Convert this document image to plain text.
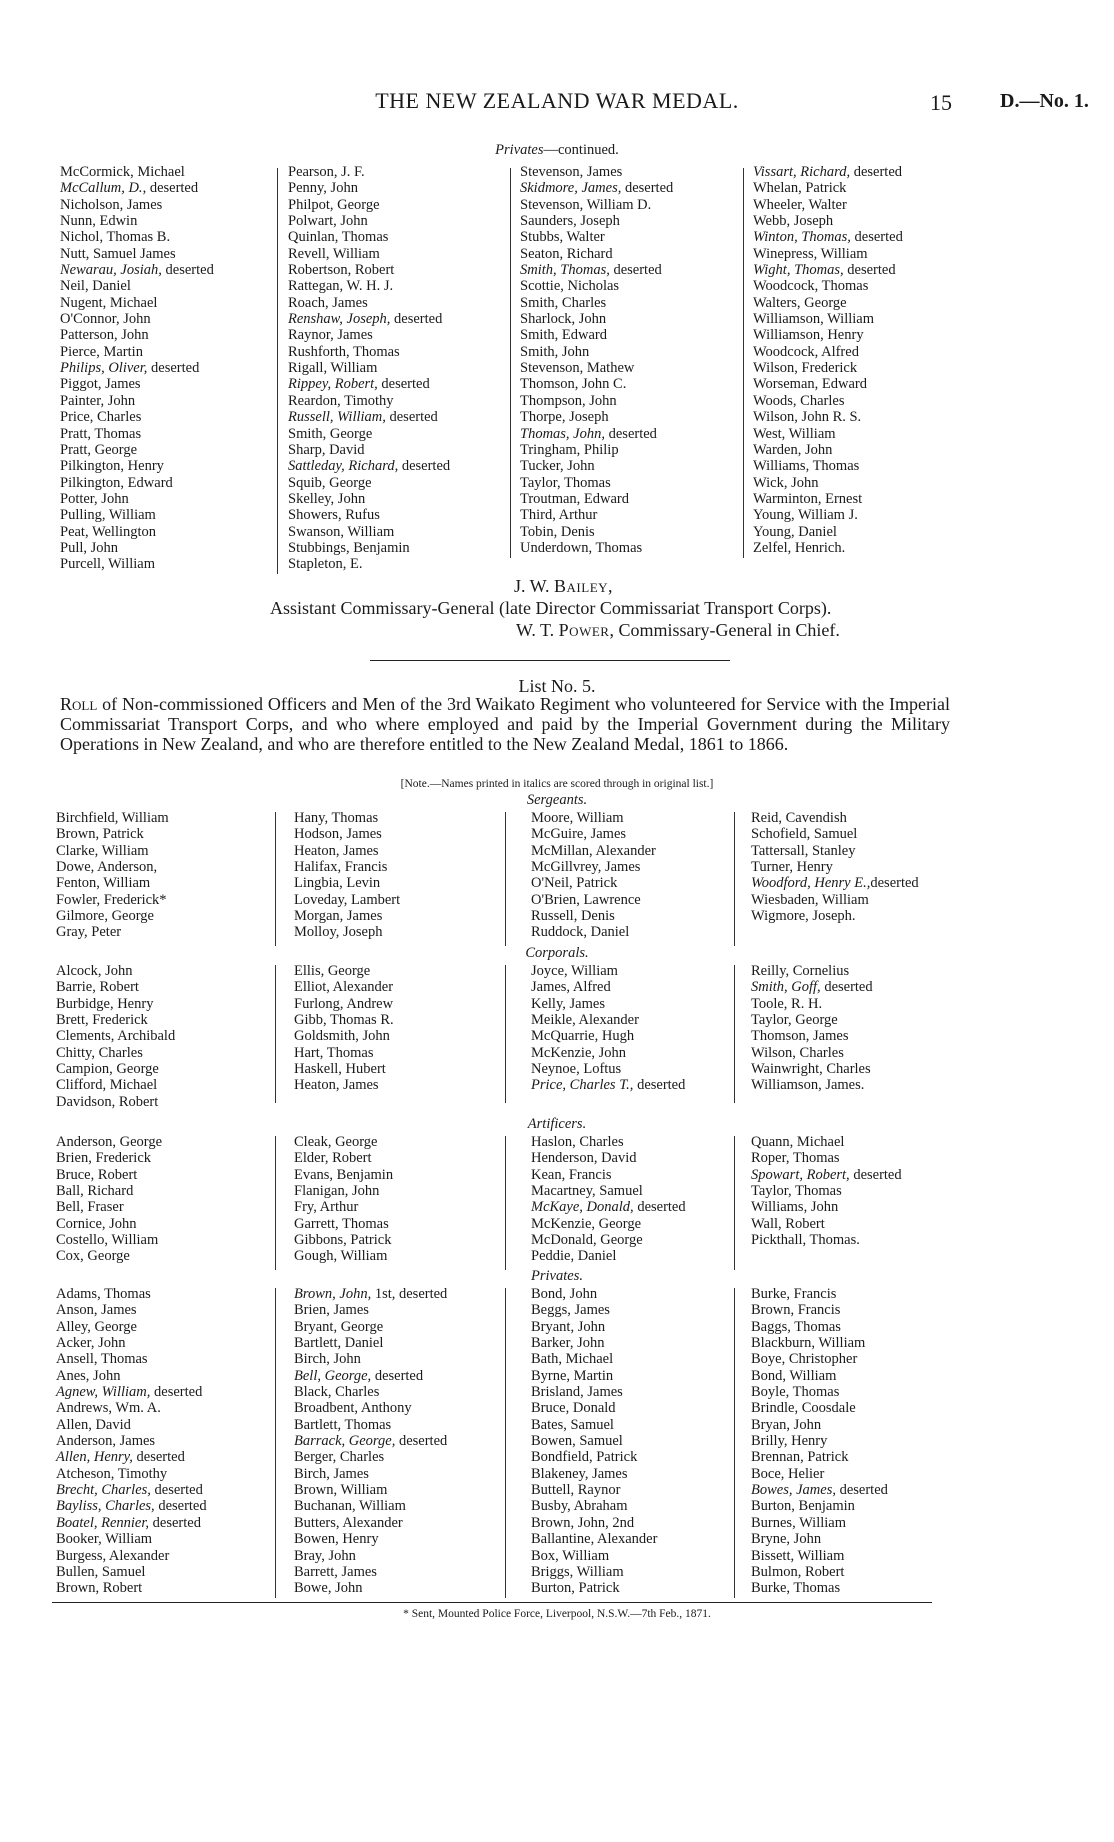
THE NEW ZEALAND WAR MEDAL.	15 D.—No. 1.
Privates—continued.
McCormick, Michael
McCallum, D., deserted
Nicholson, James
Nunn, Edwin
Nichol, Thomas B.
Nutt, Samuel James
Newarau, Josiah, deserted
Neil, Daniel
Nugent, Michael
O'Connor, John
Patterson, John
Pierce, Martin
Philips, Oliver, deserted
Piggot, James
Painter, John
Price, Charles
Pratt, Thomas
Pratt, George
Pilkington, Henry
Pilkington, Edward
Potter, John
Pulling, William
Peat, Wellington
Pull, John
Purcell, William
Pearson, J. F.
Penny, John
Philpot, George
Polwart, John
Quinlan, Thomas
Revell, William
Robertson, Robert
Rattegan, W. H. J.
Roach, James
Renshaw, Joseph, deserted
Raynor, James
Rushforth, Thomas
Rigall, William
Rippey, Robert, deserted
Reardon, Timothy
Russell, William, deserted
Smith, George
Sharp, David
Sattleday, Richard, deserted
Squib, George
Skelley, John
Showers, Rufus
Swanson, William
Stubbings, Benjamin
Stapleton, E.
Stevenson, James
Skidmore, James, deserted
Stevenson, William D.
Saunders, Joseph
Stubbs, Walter
Seaton, Richard
Smith, Thomas, deserted
Scottie, Nicholas
Smith, Charles
Sharlock, John
Smith, Edward
Smith, John
Stevenson, Mathew
Thomson, John C.
Thompson, John
Thorpe, Joseph
Thomas, John, deserted
Tringham, Philip
Tucker, John
Taylor, Thomas
Troutman, Edward
Third, Arthur
Tobin, Denis
Underdown, Thomas
Vissart, Richard, deserted
Whelan, Patrick
Wheeler, Walter
Webb, Joseph
Winton, Thomas, deserted
Winepress, William
Wight, Thomas, deserted
Woodcock, Thomas
Walters, George
Williamson, William
Williamson, Henry
Woodcock, Alfred
Wilson, Frederick
Worseman, Edward
Woods, Charles
Wilson, John R. S.
West, William
Warden, John
Williams, Thomas
Wick, John
Warminton, Ernest
Young, William J.
Young, Daniel
Zelfel, Henrich.
J. W. Bailey,
Assistant Commissary-General (late Director Commissariat Transport Corps).
W. T. Power, Commissary-General in Chief.
List No. 5.
Roll of Non-commissioned Officers and Men of the 3rd Waikato Regiment who volunteered for Service with the Imperial Commissariat Transport Corps, and who where employed and paid by the Imperial Government during the Military Operations in New Zealand, and who are therefore entitled to the New Zealand Medal, 1861 to 1866.
[Note.—Names printed in italics are scored through in original list.]
Sergeants.
Birchfield, William
Brown, Patrick
Clarke, William
Dowe, Anderson,
Fenton, William
Fowler, Frederick*
Gilmore, George
Gray, Peter
Hany, Thomas
Hodson, James
Heaton, James
Halifax, Francis
Lingbia, Levin
Loveday, Lambert
Morgan, James
Molloy, Joseph
Moore, William
McGuire, James
McMillan, Alexander
McGillvrey, James
O'Neil, Patrick
O'Brien, Lawrence
Russell, Denis
Ruddock, Daniel
Reid, Cavendish
Schofield, Samuel
Tattersall, Stanley
Turner, Henry
Woodford, Henry E.,deserted
Wiesbaden, William
Wigmore, Joseph.
Corporals.
Alcock, John
Barrie, Robert
Burbidge, Henry
Brett, Frederick
Clements, Archibald
Chitty, Charles
Campion, George
Clifford, Michael
Davidson, Robert
Ellis, George
Elliot, Alexander
Furlong, Andrew
Gibb, Thomas R.
Goldsmith, John
Hart, Thomas
Haskell, Hubert
Heaton, James
Joyce, William
James, Alfred
Kelly, James
Meikle, Alexander
McQuarrie, Hugh
McKenzie, John
Neynoe, Loftus
Price, Charles T., deserted
Reilly, Cornelius
Smith, Goff, deserted
Toole, R. H.
Taylor, George
Thomson, James
Wilson, Charles
Wainwright, Charles
Williamson, James.
Artificers.
Anderson, George
Brien, Frederick
Bruce, Robert
Ball, Richard
Bell, Fraser
Cornice, John
Costello, William
Cox, George
Cleak, George
Elder, Robert
Evans, Benjamin
Flanigan, John
Fry, Arthur
Garrett, Thomas
Gibbons, Patrick
Gough, William
Haslon, Charles
Henderson, David
Kean, Francis
Macartney, Samuel
McKaye, Donald, deserted
McKenzie, George
McDonald, George
Peddie, Daniel
Quann, Michael
Roper, Thomas
Spowart, Robert, deserted
Taylor, Thomas
Williams, John
Wall, Robert
Pickthall, Thomas.
Privates.
Adams, Thomas
Anson, James
Alley, George
Acker, John
Ansell, Thomas
Anes, John
Agnew, William, deserted
Andrews, Wm. A.
Allen, David
Anderson, James
Allen, Henry, deserted
Atcheson, Timothy
Brecht, Charles, deserted
Bayliss, Charles, deserted
Boatel, Rennier, deserted
Booker, William
Burgess, Alexander
Bullen, Samuel
Brown, Robert
Brown, John, 1st, deserted
Brien, James
Bryant, George
Bartlett, Daniel
Birch, John
Bell, George, deserted
Black, Charles
Broadbent, Anthony
Bartlett, Thomas
Barrack, George, deserted
Berger, Charles
Birch, James
Brown, William
Buchanan, William
Butters, Alexander
Bowen, Henry
Bray, John
Barrett, James
Bowe, John
Bond, John
Beggs, James
Bryant, John
Barker, John
Bath, Michael
Byrne, Martin
Brisland, James
Bruce, Donald
Bates, Samuel
Bowen, Samuel
Bondfield, Patrick
Blakeney, James
Buttell, Raynor
Busby, Abraham
Brown, John, 2nd
Ballantine, Alexander
Box, William
Briggs, William
Burton, Patrick
Burke, Francis
Brown, Francis
Baggs, Thomas
Blackburn, William
Boye, Christopher
Bond, William
Boyle, Thomas
Brindle, Coosdale
Bryan, John
Brilly, Henry
Brennan, Patrick
Boce, Helier
Bowes, James, deserted
Burton, Benjamin
Burnes, William
Bryne, John
Bissett, William
Bulmon, Robert
Burke, Thomas
* Sent, Mounted Police Force, Liverpool, N.S.W.—7th Feb., 1871.
